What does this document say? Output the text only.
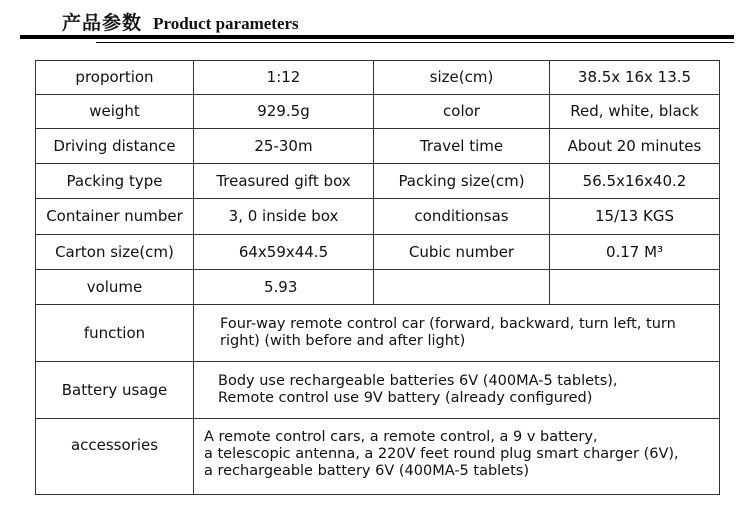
产品参数 Product parameters
proportion	1:12	size(cm)	38.5x 16x 13.5
weight	929.5g	color	Red, white, black
Driving distance	25-30m	Travel time	About 20 minutes
Packing type	Treasured gift box	Packing size(cm)	56.5x16x40.2
Container number	3, 0 inside box	conditionsas	15/13 KGS
Carton size(cm)	64x59x44.5	Cubic number	0.17 M³
volume	5.93		
function	Four-way remote control car (forward, backward, turn left, turn
right) (with before and after light)		

Battery usage	Body use rechargeable batteries 6V (400MA-5 tablets),
Remote control use 9V battery (already configured)		

accessories	A remote control cars, a remote control, a 9 v battery,
a telescopic antenna, a 220V feet round plug smart charger (6V),
a rechargeable battery 6V (400MA-5 tablets)		
